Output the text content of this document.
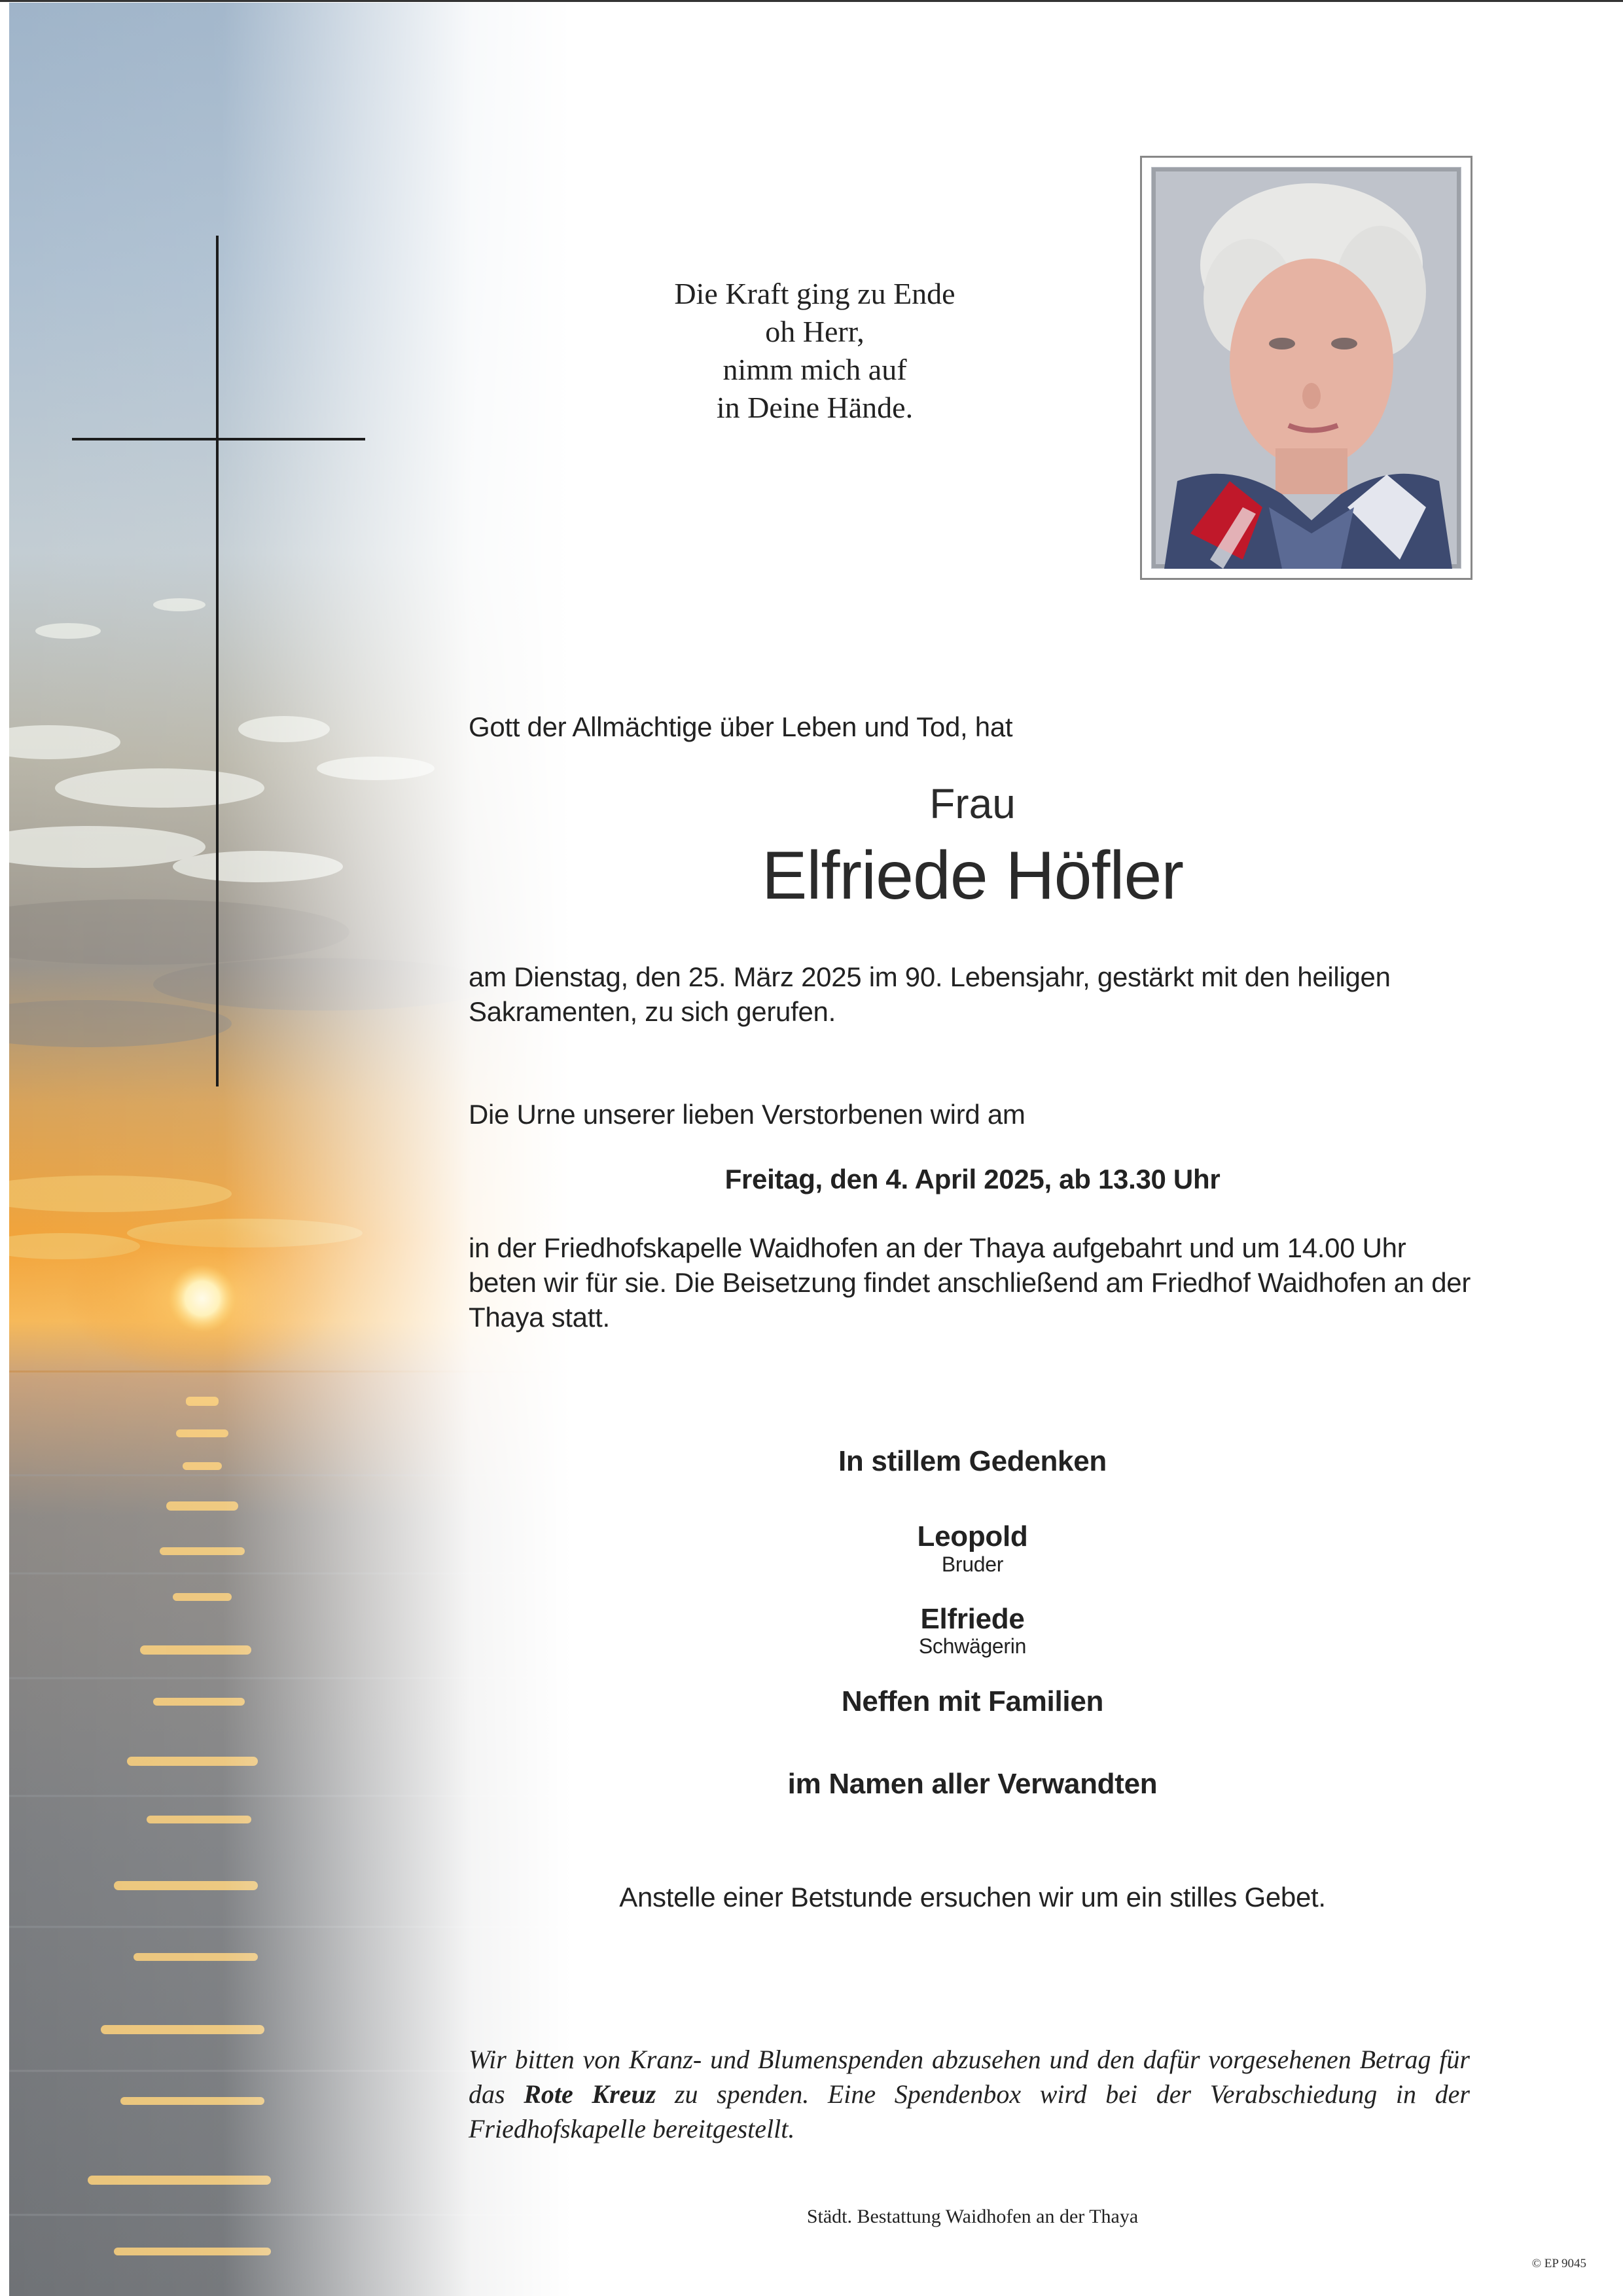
Die Kraft ging zu Ende
oh Herr,
nimm mich auf
in Deine Hände.
Gott der Allmächtige über Leben und Tod, hat
Frau
Elfriede Höfler
am Dienstag, den 25. März 2025 im 90. Lebensjahr, gestärkt mit den heiligen Sakramenten, zu sich gerufen.
Die Urne unserer lieben Verstorbenen wird am
Freitag, den 4. April 2025, ab 13.30 Uhr
in der Friedhofskapelle Waidhofen an der Thaya aufgebahrt und um 14.00 Uhr beten wir für sie. Die Beisetzung findet anschließend am Friedhof Waidhofen an der Thaya statt.
In stillem Gedenken
Leopold
Bruder
Elfriede
Schwägerin
Neffen mit Familien
im Namen aller Verwandten
Anstelle einer Betstunde ersuchen wir um ein stilles Gebet.
Wir bitten von Kranz- und Blumenspenden abzusehen und den dafür vorgesehenen Betrag für das Rote Kreuz zu spenden. Eine Spendenbox wird bei der Verabschiedung in der Friedhofskapelle bereitgestellt.
Städt. Bestattung Waidhofen an der Thaya
© EP 9045
